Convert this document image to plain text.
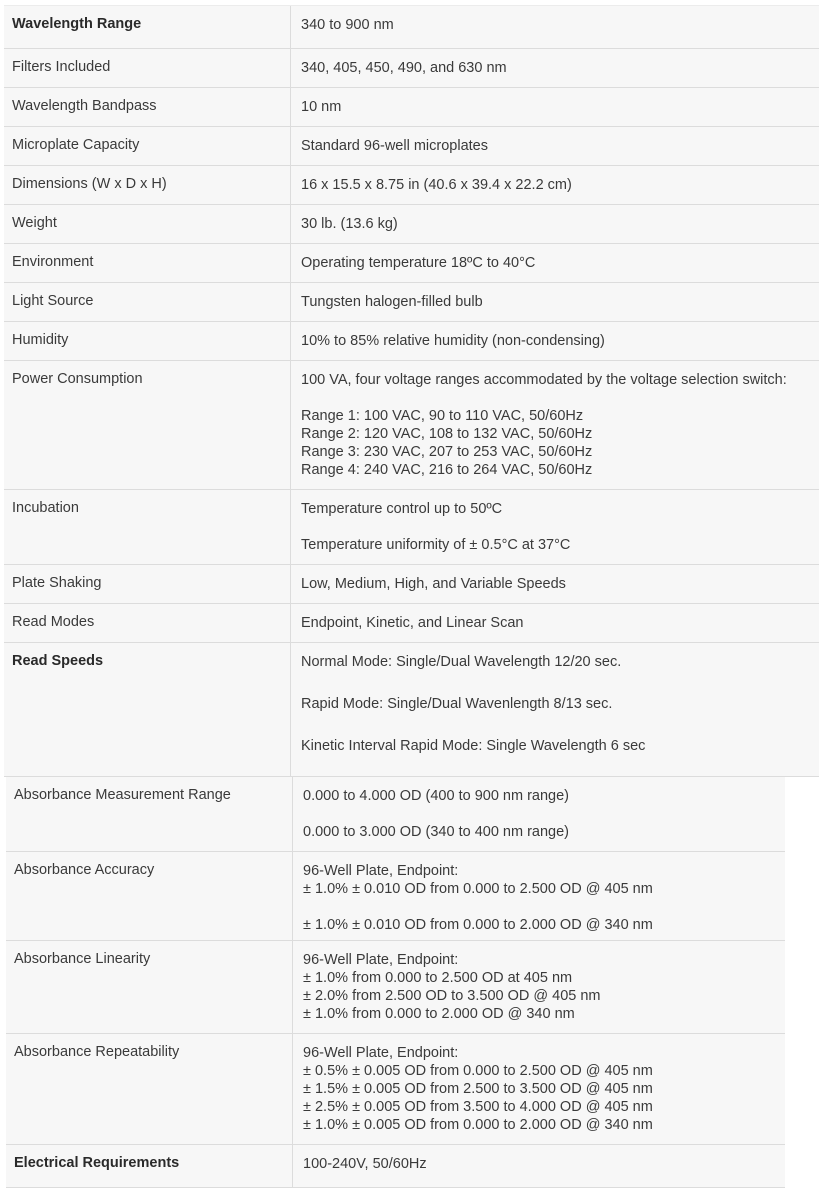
Wavelength Range	340 to 900 nm
Filters Included	340, 405, 450, 490, and 630 nm
Wavelength Bandpass	10 nm
Microplate Capacity	Standard 96-well microplates
Dimensions (W x D x H)	16 x 15.5 x 8.75 in (40.6 x 39.4 x 22.2 cm)
Weight	30 lb. (13.6 kg)
Environment	Operating temperature 18ºC to 40°C
Light Source	Tungsten halogen-filled bulb
Humidity	10% to 85% relative humidity (non-condensing)
Power Consumption	100 VA, four voltage ranges accommodated by the voltage selection switch:
Range 1: 100 VAC, 90 to 110 VAC, 50/60Hz
Range 2: 120 VAC, 108 to 132 VAC, 50/60Hz
Range 3: 230 VAC, 207 to 253 VAC, 50/60Hz
Range 4: 240 VAC, 216 to 264 VAC, 50/60Hz
Incubation	Temperature control up to 50ºC
Temperature uniformity of ± 0.5°C at 37°C
Plate Shaking	Low, Medium, High, and Variable Speeds
Read Modes	Endpoint, Kinetic, and Linear Scan
Read Speeds	Normal Mode: Single/Dual Wavelength 12/20 sec.
Rapid Mode: Single/Dual Wavenlength 8/13 sec.
Kinetic Interval Rapid Mode: Single Wavelength 6 sec
Absorbance Measurement Range	0.000 to 4.000 OD (400 to 900 nm range)
0.000 to 3.000 OD (340 to 400 nm range)
Absorbance Accuracy	96-Well Plate, Endpoint:
± 1.0% ± 0.010 OD from 0.000 to 2.500 OD @ 405 nm
± 1.0% ± 0.010 OD from 0.000 to 2.000 OD @ 340 nm
Absorbance Linearity	96-Well Plate, Endpoint:
± 1.0% from 0.000 to 2.500 OD at 405 nm
± 2.0% from 2.500 OD to 3.500 OD @ 405 nm
± 1.0% from 0.000 to 2.000 OD @ 340 nm
Absorbance Repeatability	96-Well Plate, Endpoint:
± 0.5% ± 0.005 OD from 0.000 to 2.500 OD @ 405 nm
± 1.5% ± 0.005 OD from 2.500 to 3.500 OD @ 405 nm
± 2.5% ± 0.005 OD from 3.500 to 4.000 OD @ 405 nm
± 1.0% ± 0.005 OD from 0.000 to 2.000 OD @ 340 nm
Electrical Requirements	100-240V, 50/60Hz
